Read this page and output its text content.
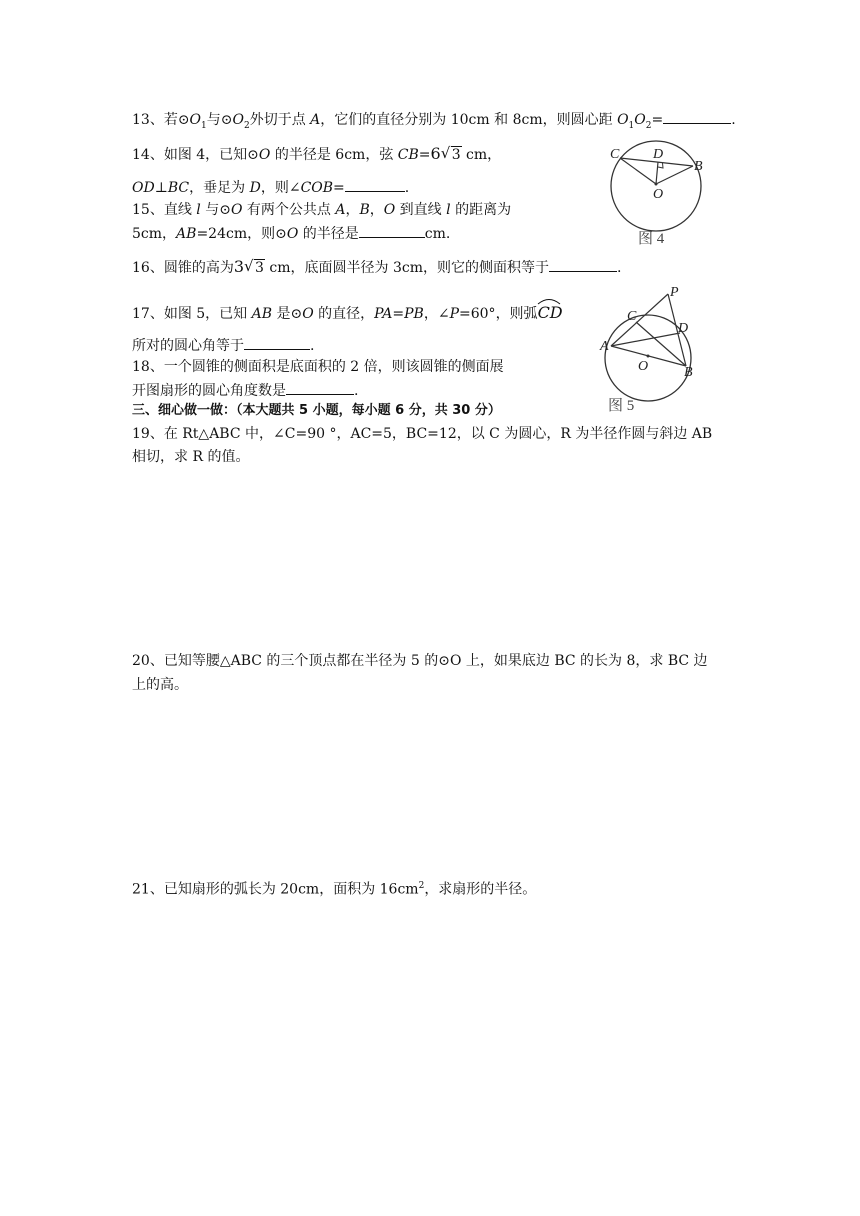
13、若$⊙O_1$与$⊙O_2$外切于点 A，它们的直径分别为 10cm 和 8cm，则圆心距 $O_1O_2=$	.
14、如图 4，已知⊙O 的半径是 6cm，弦 CB=6 √ 3 cm，
OD⊥BC，垂足为 D，则∠COB=	.
15、直线 l 与⊙O 有两个公共点 A，B，O 到直线 l 的距离为
5cm，AB=24cm，则⊙O 的半径是	cm.
16、圆锥的高为3 √ 3 cm，底面圆半径为 3cm，则它的侧面积等于	.
17、如图 5，已知 AB 是⊙O 的直径，PA=PB，∠P=60°，则弧
CD
所对的圆心角等于	.
18、一个圆锥的侧面积是底面积的 2 倍，则该圆锥的侧面展
开图扇形的圆心角度数是	.
三、细心做一做：（本大题共 5 小题，每小题 6 分，共 30 分）
19、在 Rt△ABC 中，∠C=90 °，AC=5，BC=12，以 C 为圆心，R 为半径作圆与斜边 AB
相切，求 R 的值。
20、已知等腰△ABC 的三个顶点都在半径为 5 的⊙O 上，如果底边 BC 的长为 8，求 BC 边
上的高。
21、已知扇形的弧长为 20cm，面积为 $16cm^2$，求扇形的半径。
C D
B
O
图 4
P
C
D
A
O	B
图 5
